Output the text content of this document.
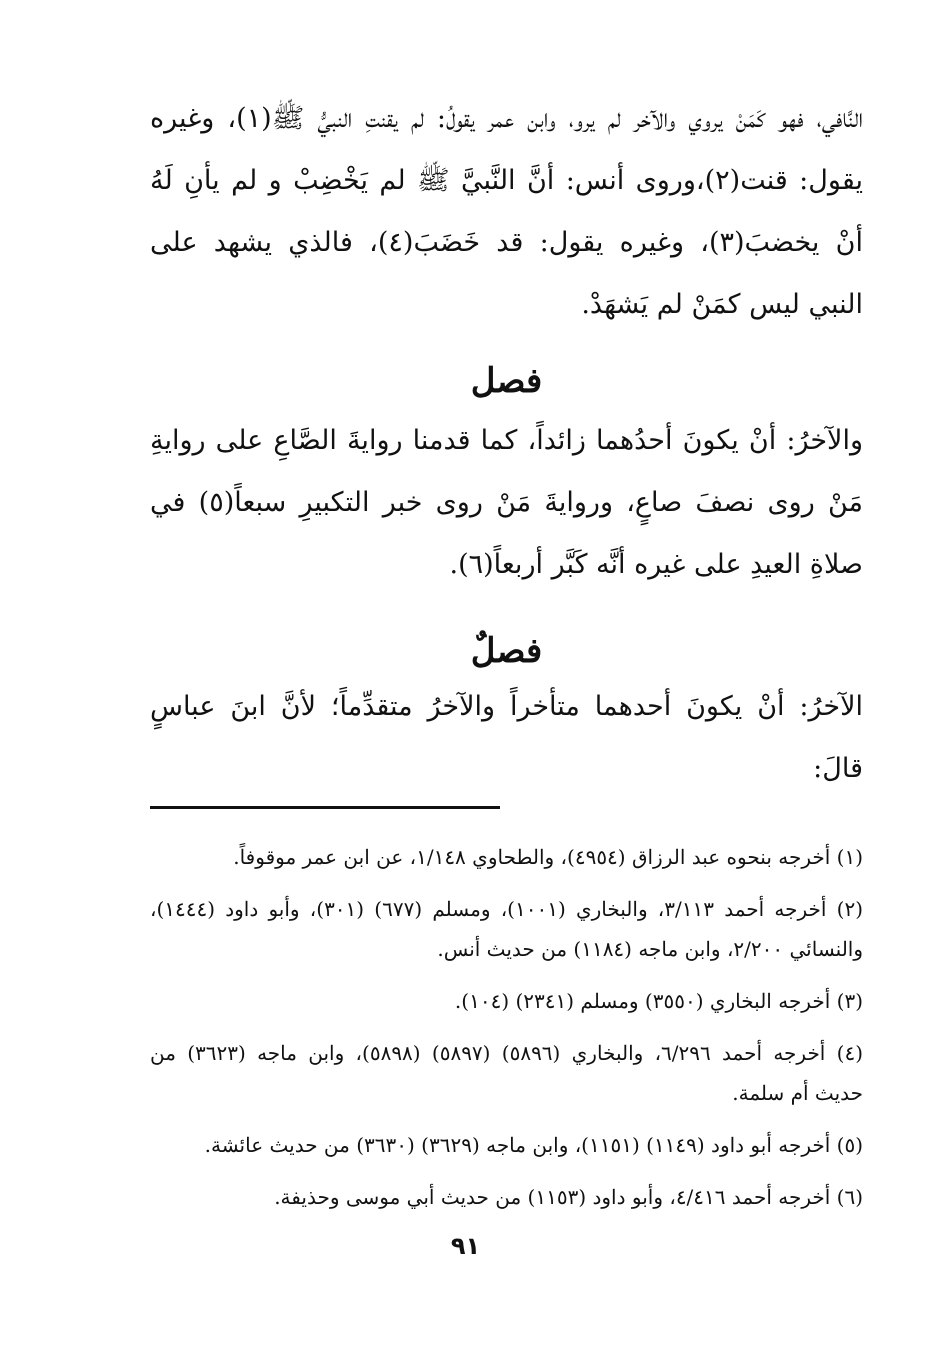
النَّافي، فهو كَمَنْ يروي والآخر لم يرو، وابن عمر يقولُ: لم يقنتِ النبيُّ ﷺ(١)، وغيره يقول: قنت(٢)،وروى أنس: أنَّ النَّبيَّ ﷺ لم يَخْضِبْ و لم يأنِ لَهُ أنْ يخضبَ(٣)، وغيره يقول: قد خَضَبَ(٤)، فالذي يشهد على النبي ليس كمَنْ لم يَشهَدْ.

فصل

والآخرُ: أنْ يكونَ أحدُهما زائداً، كما قدمنا روايةَ الصَّاعِ على روايةِ مَنْ روى نصفَ صاعٍ، وروايةَ مَنْ روى خبر التكبيرِ سبعاً(٥) في صلاةِ العيدِ على غيره أنَّه كَبَّر أربعاً(٦).

فصلٌ

الآخرُ: أنْ يكونَ أحدهما متأخراً والآخرُ متقدِّماً؛ لأنَّ ابنَ عباسٍ قالَ:

(١) أخرجه بنحوه عبد الرزاق (٤٩٥٤)، والطحاوي ١/١٤٨، عن ابن عمر موقوفاً.

(٢) أخرجه أحمد ٣/١١٣، والبخاري (١٠٠١)، ومسلم (٦٧٧) (٣٠١)، وأبو داود (١٤٤٤)، والنسائي ٢/٢٠٠، وابن ماجه (١١٨٤) من حديث أنس.

(٣) أخرجه البخاري (٣٥٥٠) ومسلم (٢٣٤١) (١٠٤).

(٤) أخرجه أحمد ٦/٢٩٦، والبخاري (٥٨٩٦) (٥٨٩٧) (٥٨٩٨)، وابن ماجه (٣٦٢٣) من حديث أم سلمة.

(٥) أخرجه أبو داود (١١٤٩) (١١٥١)، وابن ماجه (٣٦٢٩) (٣٦٣٠) من حديث عائشة.

(٦) أخرجه أحمد ٤/٤١٦، وأبو داود (١١٥٣) من حديث أبي موسى وحذيفة.

٩١
